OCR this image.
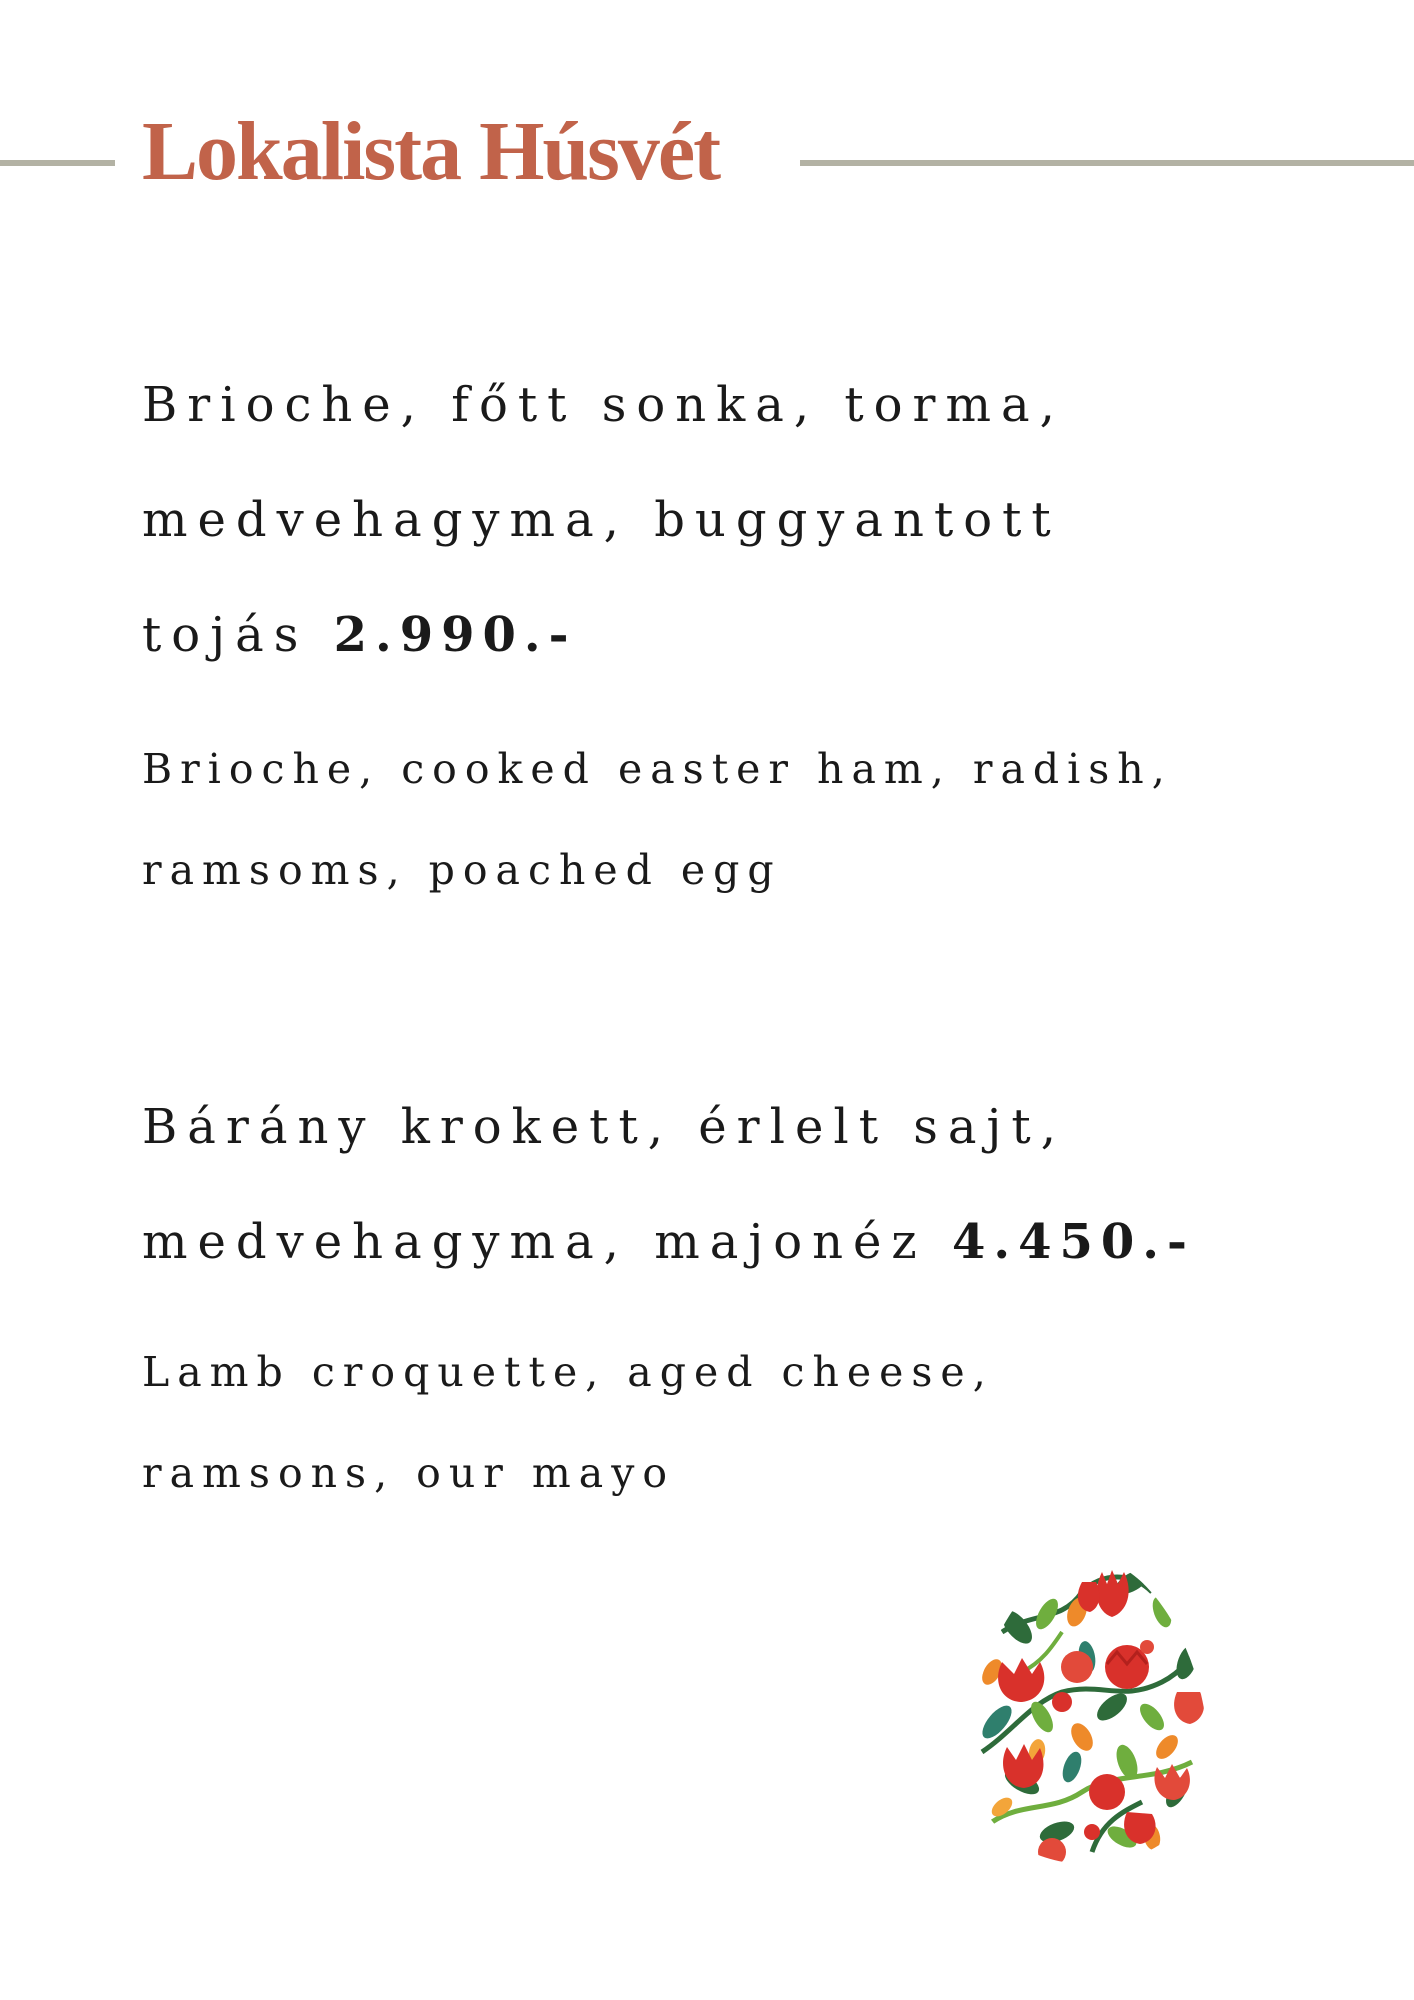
Lokalista Húsvét
Brioche, főtt sonka, torma,
medvehagyma, buggyantott
tojás 2.990.-
Brioche, cooked easter ham, radish,
ramsoms, poached egg
Bárány krokett, érlelt sajt,
medvehagyma, majonéz 4.450.-
Lamb croquette, aged cheese,
ramsons, our mayo
